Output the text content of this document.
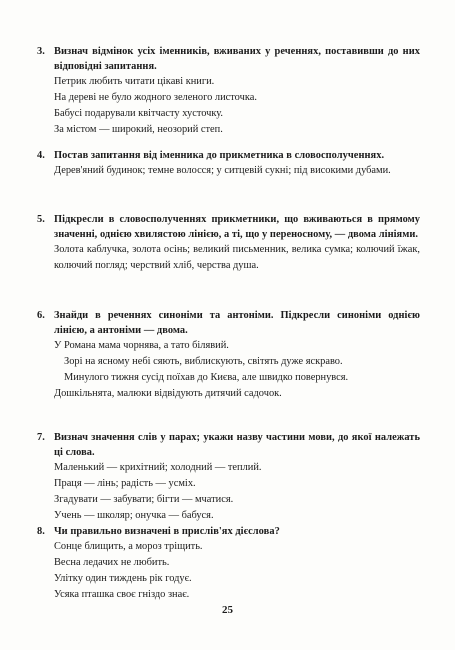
3. Визнач відмінок усіх іменників, вживаних у реченнях, поставивши до них відповідні запитання.
Петрик любить читати цікаві книги.
На дереві не було жодного зеленого листочка.
Бабусі подарували квітчасту хусточку.
За містом — широкий, неозорий степ.
4. Постав запитання від іменника до прикметника в словосполученнях.
Дерев'яний будинок; темне волосся; у ситцевій сукні; під високими дубами.
5. Підкресли в словосполученнях прикметники, що вживаються в прямому значенні, однією хвилястою лінією, а ті, що у переносному, — двома лініями.
Золота каблучка, золота осінь; великий письменник, велика сумка; колючий їжак, колючий погляд; черствий хліб, черства душа.
6. Знайди в реченнях синоніми та антоніми. Підкресли синоніми однією лінією, а антоніми — двома.
У Романа мама чорнява, а тато білявий.
Зорі на ясному небі сяють, виблискують, світять дуже яскраво.
Минулого тижня сусід поїхав до Києва, але швидко повернувся.
Дошкільнята, малюки відвідують дитячий садочок.
7. Визнач значення слів у парах; укажи назву частини мови, до якої належать ці слова.
Маленький — крихітний; холодний — теплий.
Праця — лінь; радість — усміх.
Згадувати — забувати; бігти — мчатися.
Учень — школяр; онучка — бабуся.
8. Чи правильно визначені в прислів'ях дієслова?
Сонце блищить, а мороз тріщить.
Весна ледачих не любить.
Улітку один тиждень рік годує.
Усяка пташка своє гніздо знає.
25
